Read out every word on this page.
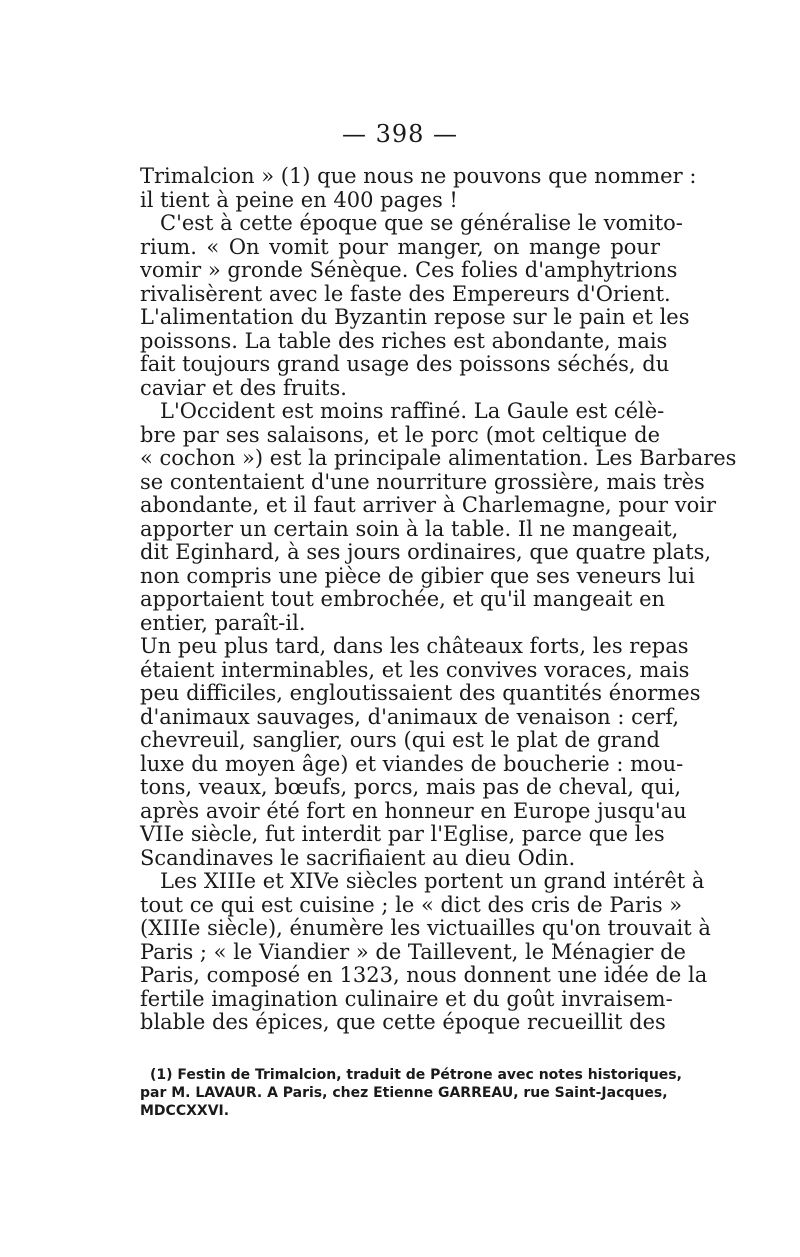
— 398 —
Trimalcion » (1) que nous ne pouvons que nommer :
il tient à peine en 400 pages !
C'est à cette époque que se généralise le vomito-
rium. « On vomit pour manger, on mange pour
vomir » gronde Sénèque. Ces folies d'amphytrions
rivalisèrent avec le faste des Empereurs d'Orient.
L'alimentation du Byzantin repose sur le pain et les
poissons. La table des riches est abondante, mais
fait toujours grand usage des poissons séchés, du
caviar et des fruits.
L'Occident est moins raffiné. La Gaule est célè-
bre par ses salaisons, et le porc (mot celtique de
« cochon ») est la principale alimentation. Les Barbares
se contentaient d'une nourriture grossière, mais très
abondante, et il faut arriver à Charlemagne, pour voir
apporter un certain soin à la table. Il ne mangeait,
dit Eginhard, à ses jours ordinaires, que quatre plats,
non compris une pièce de gibier que ses veneurs lui
apportaient tout embrochée, et qu'il mangeait en
entier, paraît-il.
Un peu plus tard, dans les châteaux forts, les repas
étaient interminables, et les convives voraces, mais
peu difficiles, engloutissaient des quantités énormes
d'animaux sauvages, d'animaux de venaison : cerf,
chevreuil, sanglier, ours (qui est le plat de grand
luxe du moyen âge) et viandes de boucherie : mou-
tons, veaux, bœufs, porcs, mais pas de cheval, qui,
après avoir été fort en honneur en Europe jusqu'au
VIIe siècle, fut interdit par l'Eglise, parce que les
Scandinaves le sacrifiaient au dieu Odin.
Les XIIIe et XIVe siècles portent un grand intérêt à
tout ce qui est cuisine ; le « dict des cris de Paris »
(XIIIe siècle), énumère les victuailles qu'on trouvait à
Paris ; « le Viandier » de Taillevent, le Ménagier de
Paris, composé en 1323, nous donnent une idée de la
fertile imagination culinaire et du goût invraisem-
blable des épices, que cette époque recueillit des
(1) Festin de Trimalcion, traduit de Pétrone avec notes historiques,
par M. LAVAUR. A Paris, chez Etienne GARREAU, rue Saint-Jacques,
MDCCXXVI.
